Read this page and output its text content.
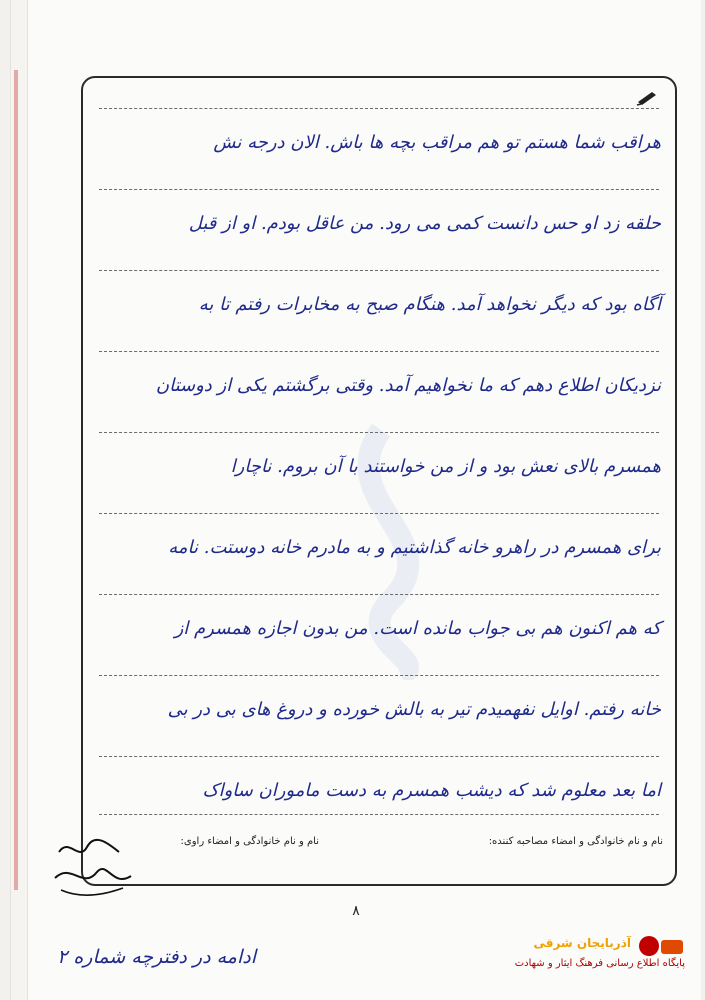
هراقب شما هستم تو هم مراقب بچه ها باش. الان درجه نش
حلقه زد او حس دانست کمی می رود. من عاقل بودم. او از قبل
آگاه بود که دیگر نخواهد آمد. هنگام صبح به مخابرات رفتم تا به
نزدیکان اطلاع دهم که ما نخواهیم آمد. وقتی برگشتم یکی از دوستان
همسرم بالای نعش بود و از من خواستند با آن بروم. ناچارا
برای همسرم در راهرو خانه گذاشتیم و به مادرم خانه دوستت. نامه
که هم اکنون هم بی جواب مانده است. من بدون اجازه همسرم از
خانه رفتم. اوایل نفهمیدم تیر به بالش خورده و دروغ های بی در بی
اما بعد معلوم شد که دیشب همسرم به دست ماموران ساواک
نام و نام خانوادگی و امضاء مصاحبه کننده:
نام و نام خانوادگی و امضاء راوی:
۸
ادامه در دفترچه شماره ۲
آذربایجان شرقی
پایگاه اطلاع رسانی فرهنگ ایثار و شهادت
